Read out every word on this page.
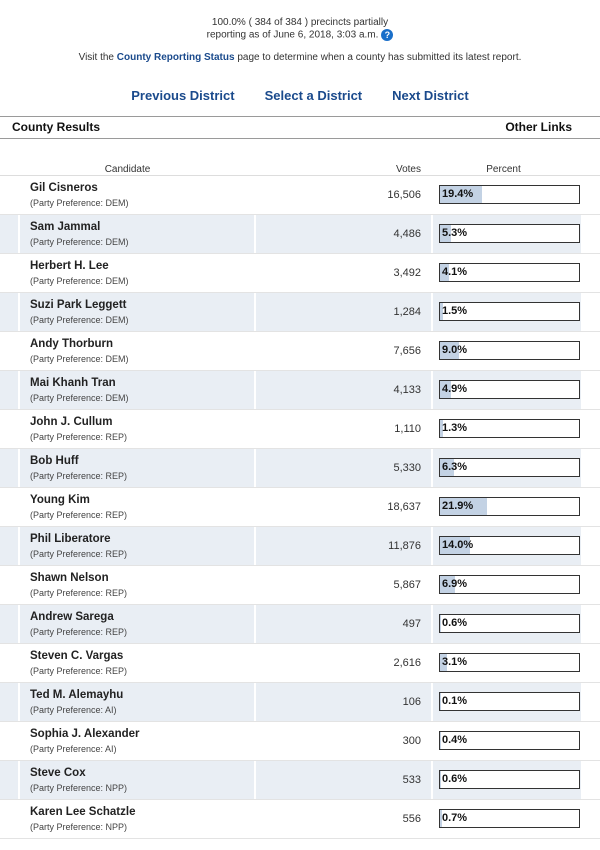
100.0% ( 384 of 384 ) precincts partially
reporting as of June 6, 2018, 3:03 a.m. ?
Visit the County Reporting Status page to determine when a county has submitted its latest report.
Previous District Select a District Next District
County Results	Other Links
Candidate	Votes	Percent
Gil Cisneros
(Party Preference: DEM)
16,506	19.4%
Sam Jammal
(Party Preference: DEM)
4,486	5.3%
Herbert H. Lee
(Party Preference: DEM)
3,492	4.1%
Suzi Park Leggett
(Party Preference: DEM)
1,284	1.5%
Andy Thorburn
(Party Preference: DEM)
7,656	9.0%
Mai Khanh Tran
(Party Preference: DEM)
4,133	4.9%
John J. Cullum
(Party Preference: REP)
1,110	1.3%
Bob Huff
(Party Preference: REP)
5,330	6.3%
Young Kim
(Party Preference: REP)
18,637	21.9%
Phil Liberatore
(Party Preference: REP)
11,876	14.0%
Shawn Nelson
(Party Preference: REP)
5,867	6.9%
Andrew Sarega
(Party Preference: REP)
497	0.6%
Steven C. Vargas
(Party Preference: REP)
2,616	3.1%
Ted M. Alemayhu
(Party Preference: AI)
106	0.1%
Sophia J. Alexander
(Party Preference: AI)
300	0.4%
Steve Cox
(Party Preference: NPP)
533	0.6%
Karen Lee Schatzle
(Party Preference: NPP)
556	0.7%
